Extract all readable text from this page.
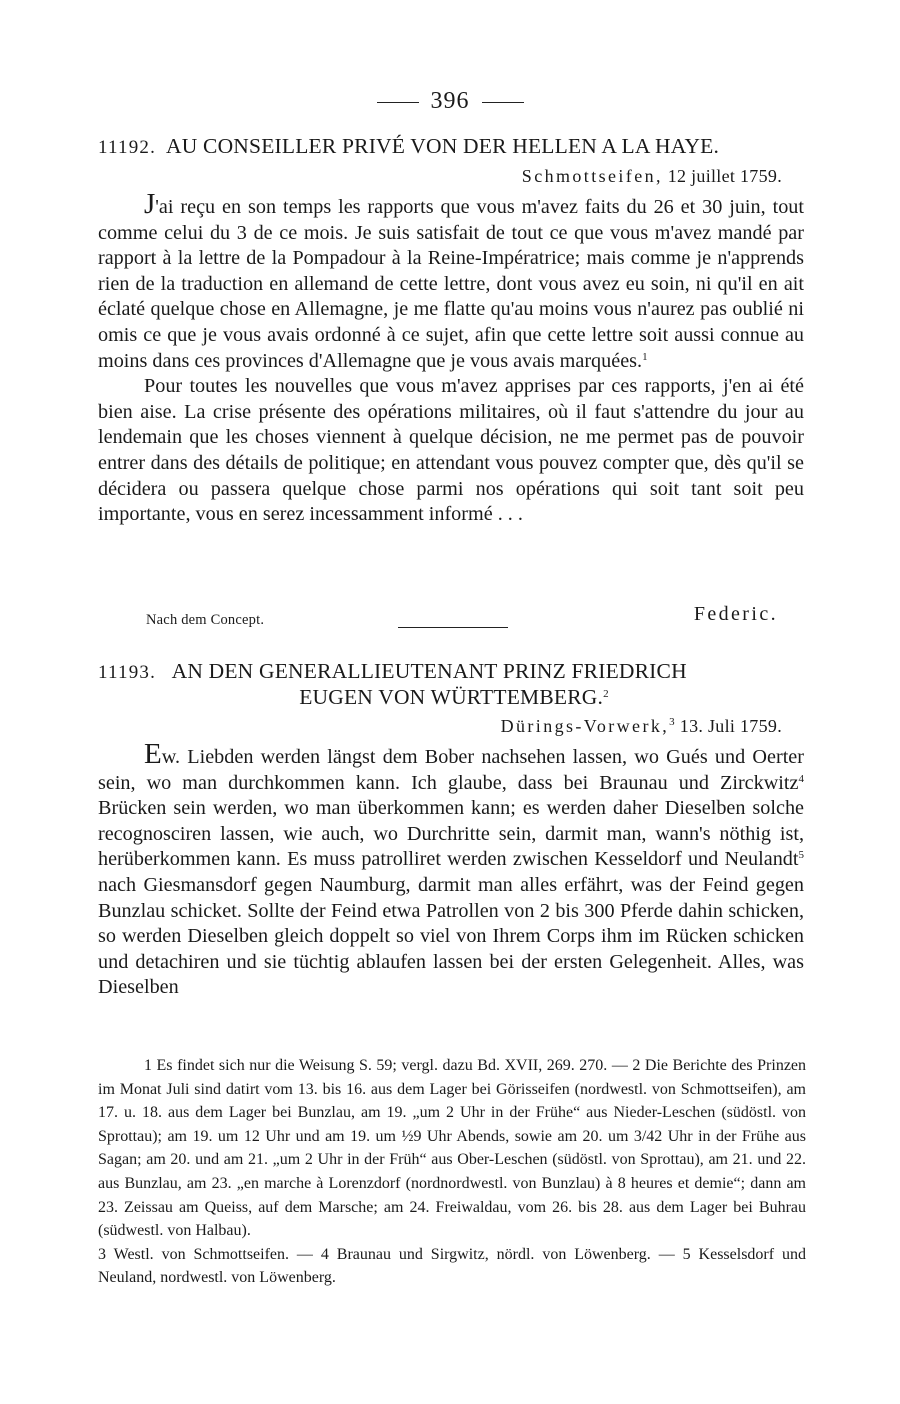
396
11192. AU CONSEILLER PRIVÉ VON DER HELLEN A LA HAYE.
Schmottseifen, 12 juillet 1759.

J'ai reçu en son temps les rapports que vous m'avez faits du 26 et 30 juin, tout comme celui du 3 de ce mois. Je suis satisfait de tout ce que vous m'avez mandé par rapport à la lettre de la Pompadour à la Reine-Impératrice; mais comme je n'apprends rien de la traduction en allemand de cette lettre, dont vous avez eu soin, ni qu'il en ait éclaté quelque chose en Allemagne, je me flatte qu'au moins vous n'aurez pas oublié ni omis ce que je vous avais ordonné à ce sujet, afin que cette lettre soit aussi connue au moins dans ces provinces d'Allemagne que je vous avais marquées.$^1$

Pour toutes les nouvelles que vous m'avez apprises par ces rapports, j'en ai été bien aise. La crise présente des opérations militaires, où il faut s'attendre du jour au lendemain que les choses viennent à quelque décision, ne me permet pas de pouvoir entrer dans des détails de politique; en attendant vous pouvez compter que, dès qu'il se décidera ou passera quelque chose parmi nos opérations qui soit tant soit peu importante, vous en serez incessamment informé . . .

Nach dem Concept.	Federic.
11193. AN DEN GENERALLIEUTENANT PRINZ FRIEDRICH
EUGEN VON WÜRTTEMBERG.$^2$
Dürings-Vorwerk,$^3$ 13. Juli 1759.

Ew. Liebden werden längst dem Bober nachsehen lassen, wo Gués und Oerter sein, wo man durchkommen kann. Ich glaube, dass bei Braunau und Zirckwitz$^4$ Brücken sein werden, wo man überkommen kann; es werden daher Dieselben solche recognosciren lassen, wie auch, wo Durchritte sein, darmit man, wann's nöthig ist, herüberkommen kann. Es muss patrolliret werden zwischen Kesseldorf und Neulandt$^5$ nach Giesmansdorf gegen Naumburg, darmit man alles erfährt, was der Feind gegen Bunzlau schicket. Sollte der Feind etwa Patrollen von 2 bis 300 Pferde dahin schicken, so werden Dieselben gleich doppelt so viel von Ihrem Corps ihm im Rücken schicken und detachiren und sie tüchtig ablaufen lassen bei der ersten Gelegenheit. Alles, was Dieselben

1 Es findet sich nur die Weisung S. 59; vergl. dazu Bd. XVII, 269. 270. — 2 Die Berichte des Prinzen im Monat Juli sind datirt vom 13. bis 16. aus dem Lager bei Görisseifen (nordwestl. von Schmottseifen), am 17. u. 18. aus dem Lager bei Bunzlau, am 19. „um 2 Uhr in der Frühe“ aus Nieder-Leschen (südöstl. von Sprottau); am 19. um 12 Uhr und am 19. um ½9 Uhr Abends, sowie am 20. um 3/42 Uhr in der Frühe aus Sagan; am 20. und am 21. „um 2 Uhr in der Früh“ aus Ober-Leschen (südöstl. von Sprottau), am 21. und 22. aus Bunzlau, am 23. „en marche à Lorenzdorf (nordnordwestl. von Bunzlau) à 8 heures et demie“; dann am 23. Zeissau am Queiss, auf dem Marsche; am 24. Freiwaldau, vom 26. bis 28. aus dem Lager bei Buhrau (südwestl. von Halbau).

3 Westl. von Schmottseifen. — 4 Braunau und Sirgwitz, nördl. von Löwenberg. — 5 Kesselsdorf und Neuland, nordwestl. von Löwenberg.
